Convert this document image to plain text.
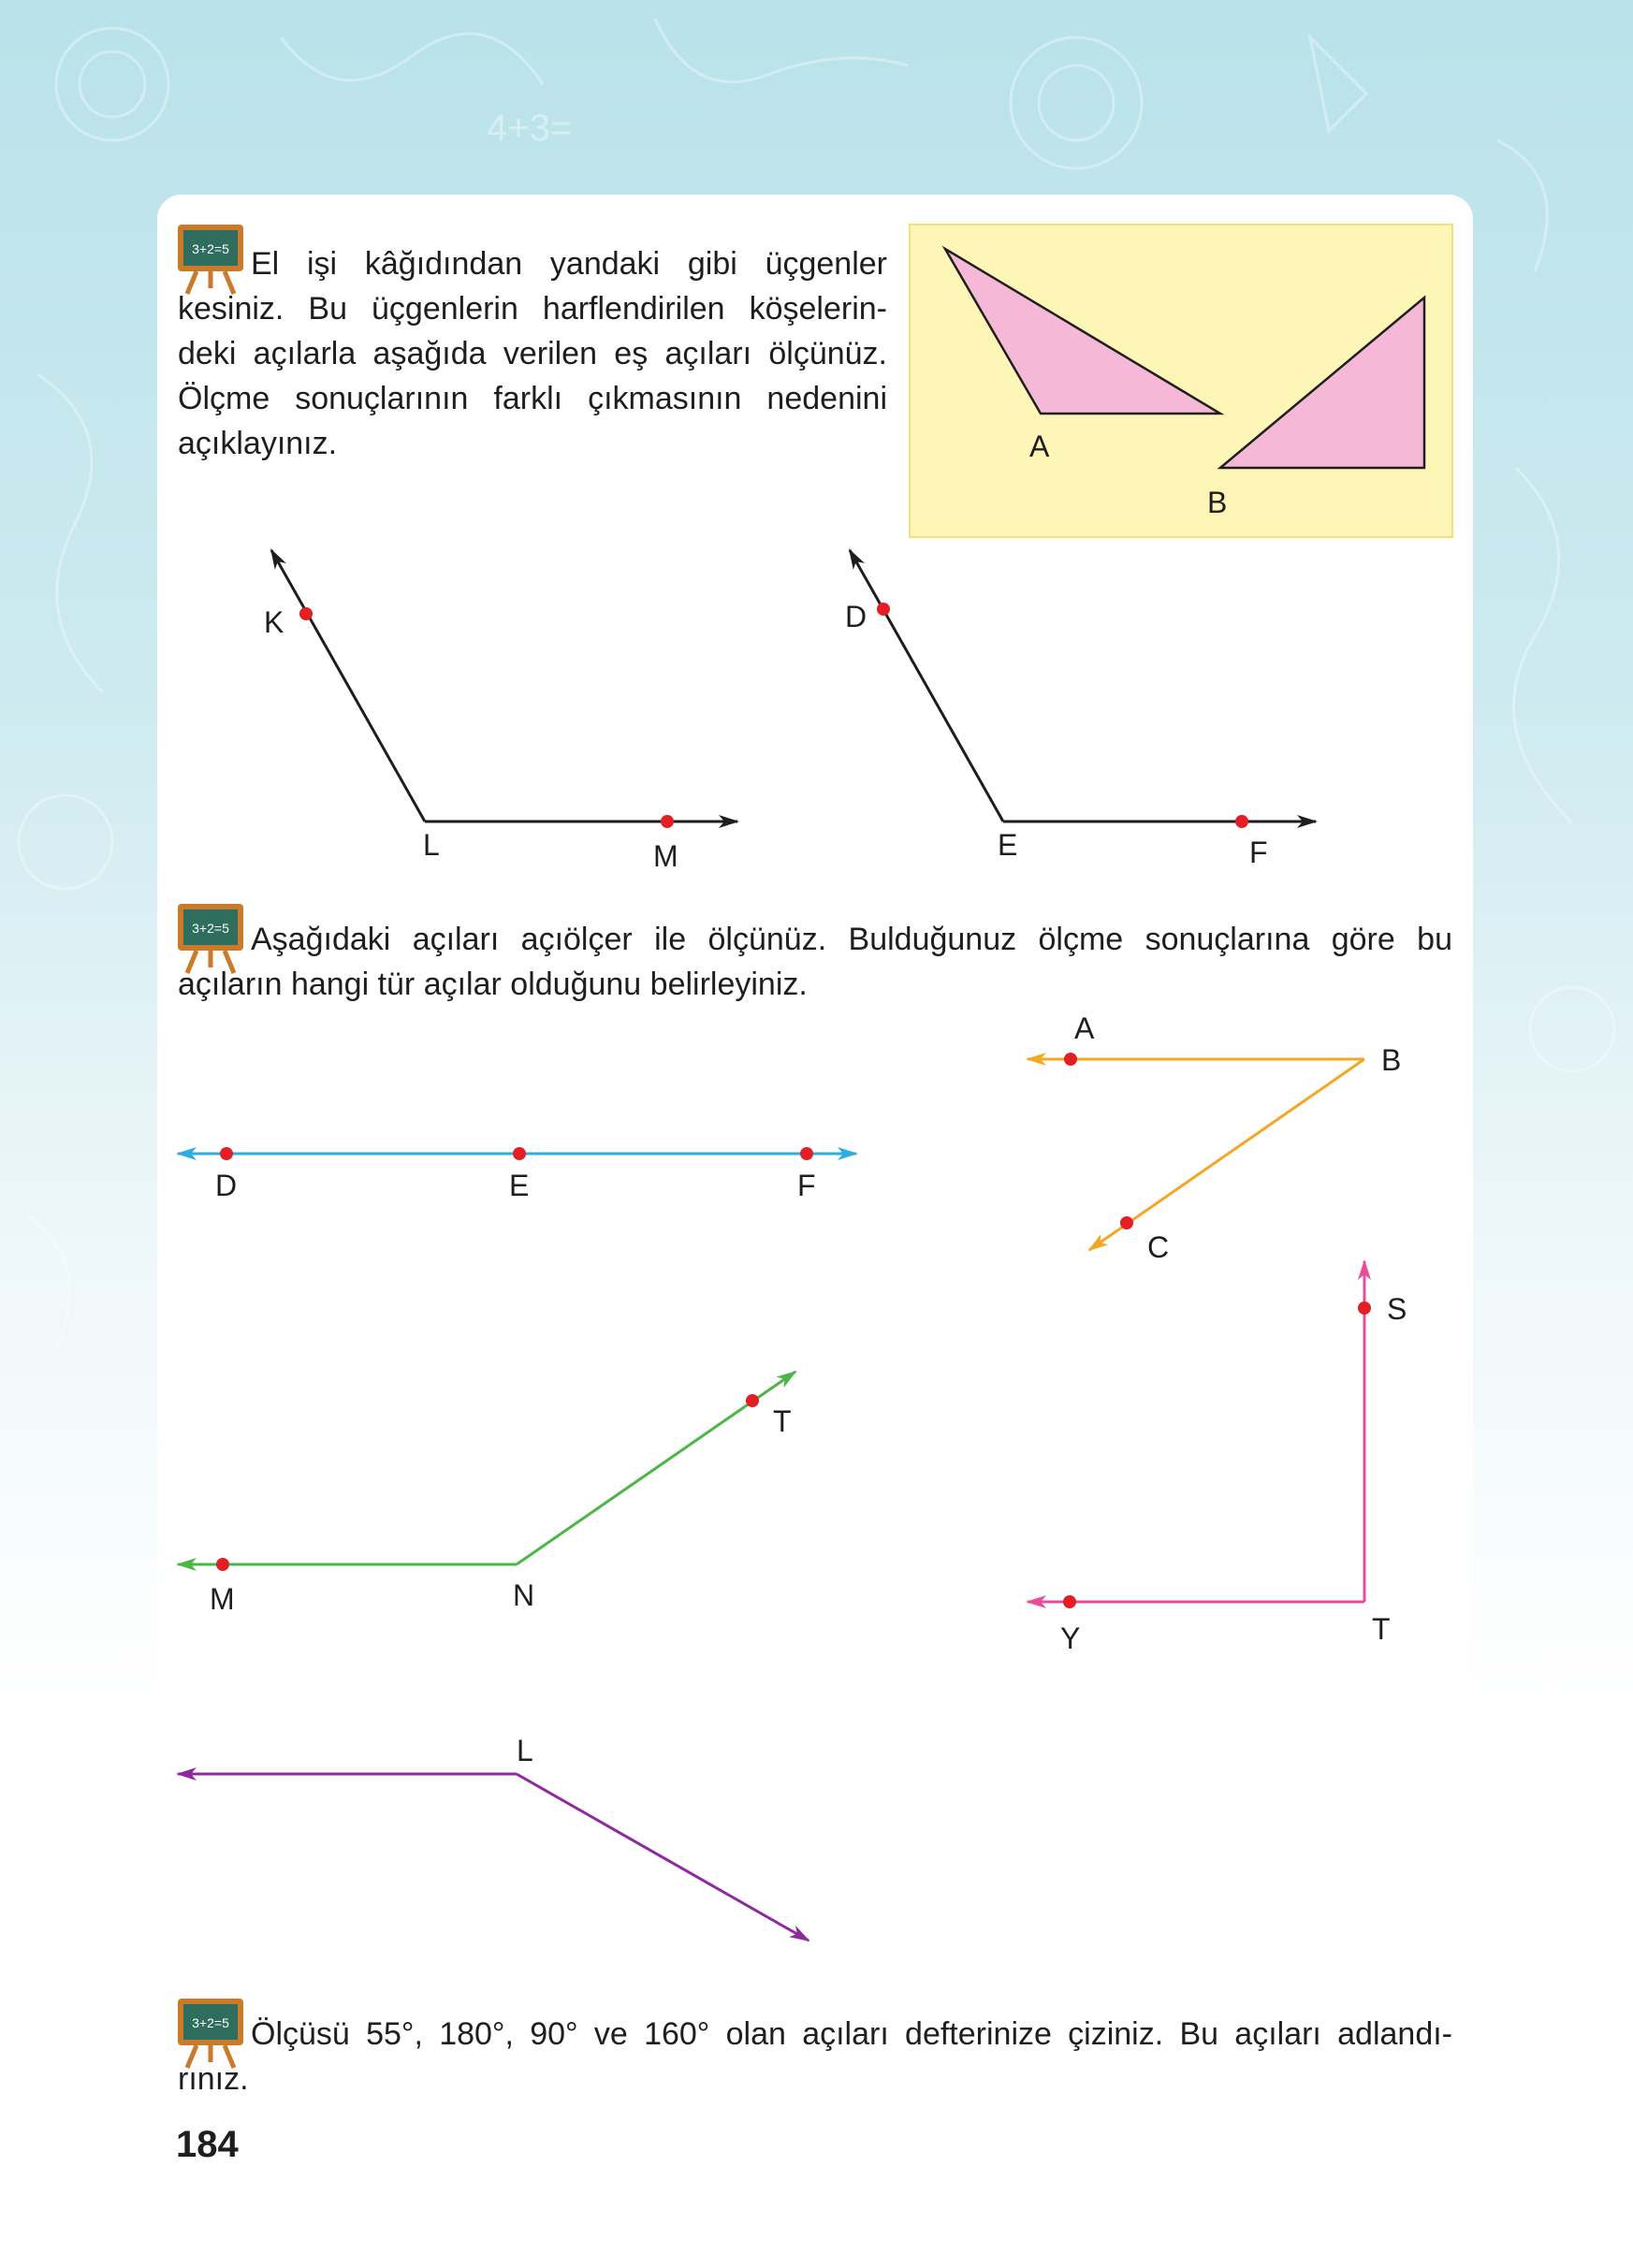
4+3=
3+2=5 El işi kâğıdından yandaki gibi üçgenler

kesiniz. Bu üçgenlerin harflendirilen köşelerin-

deki açılarla aşağıda verilen eş açıları ölçünüz.

Ölçme sonuçlarının farklı çıkmasının nedenini

açıklayınız.

3+2=5 Aşağıdaki açıları açıölçer ile ölçünüz. Bulduğunuz ölçme sonuçlarına göre bu

açıların hangi tür açılar olduğunu belirleyiniz.

3+2=5 Ölçüsü 55°, 180°, 90° ve 160° olan açıları defterinize çiziniz. Bu açıları adlandı-

rınız.

184
A
B
K
L	M
D
E	F
A
B
C
D	E	F
S
T
Y
T
N
M
L
